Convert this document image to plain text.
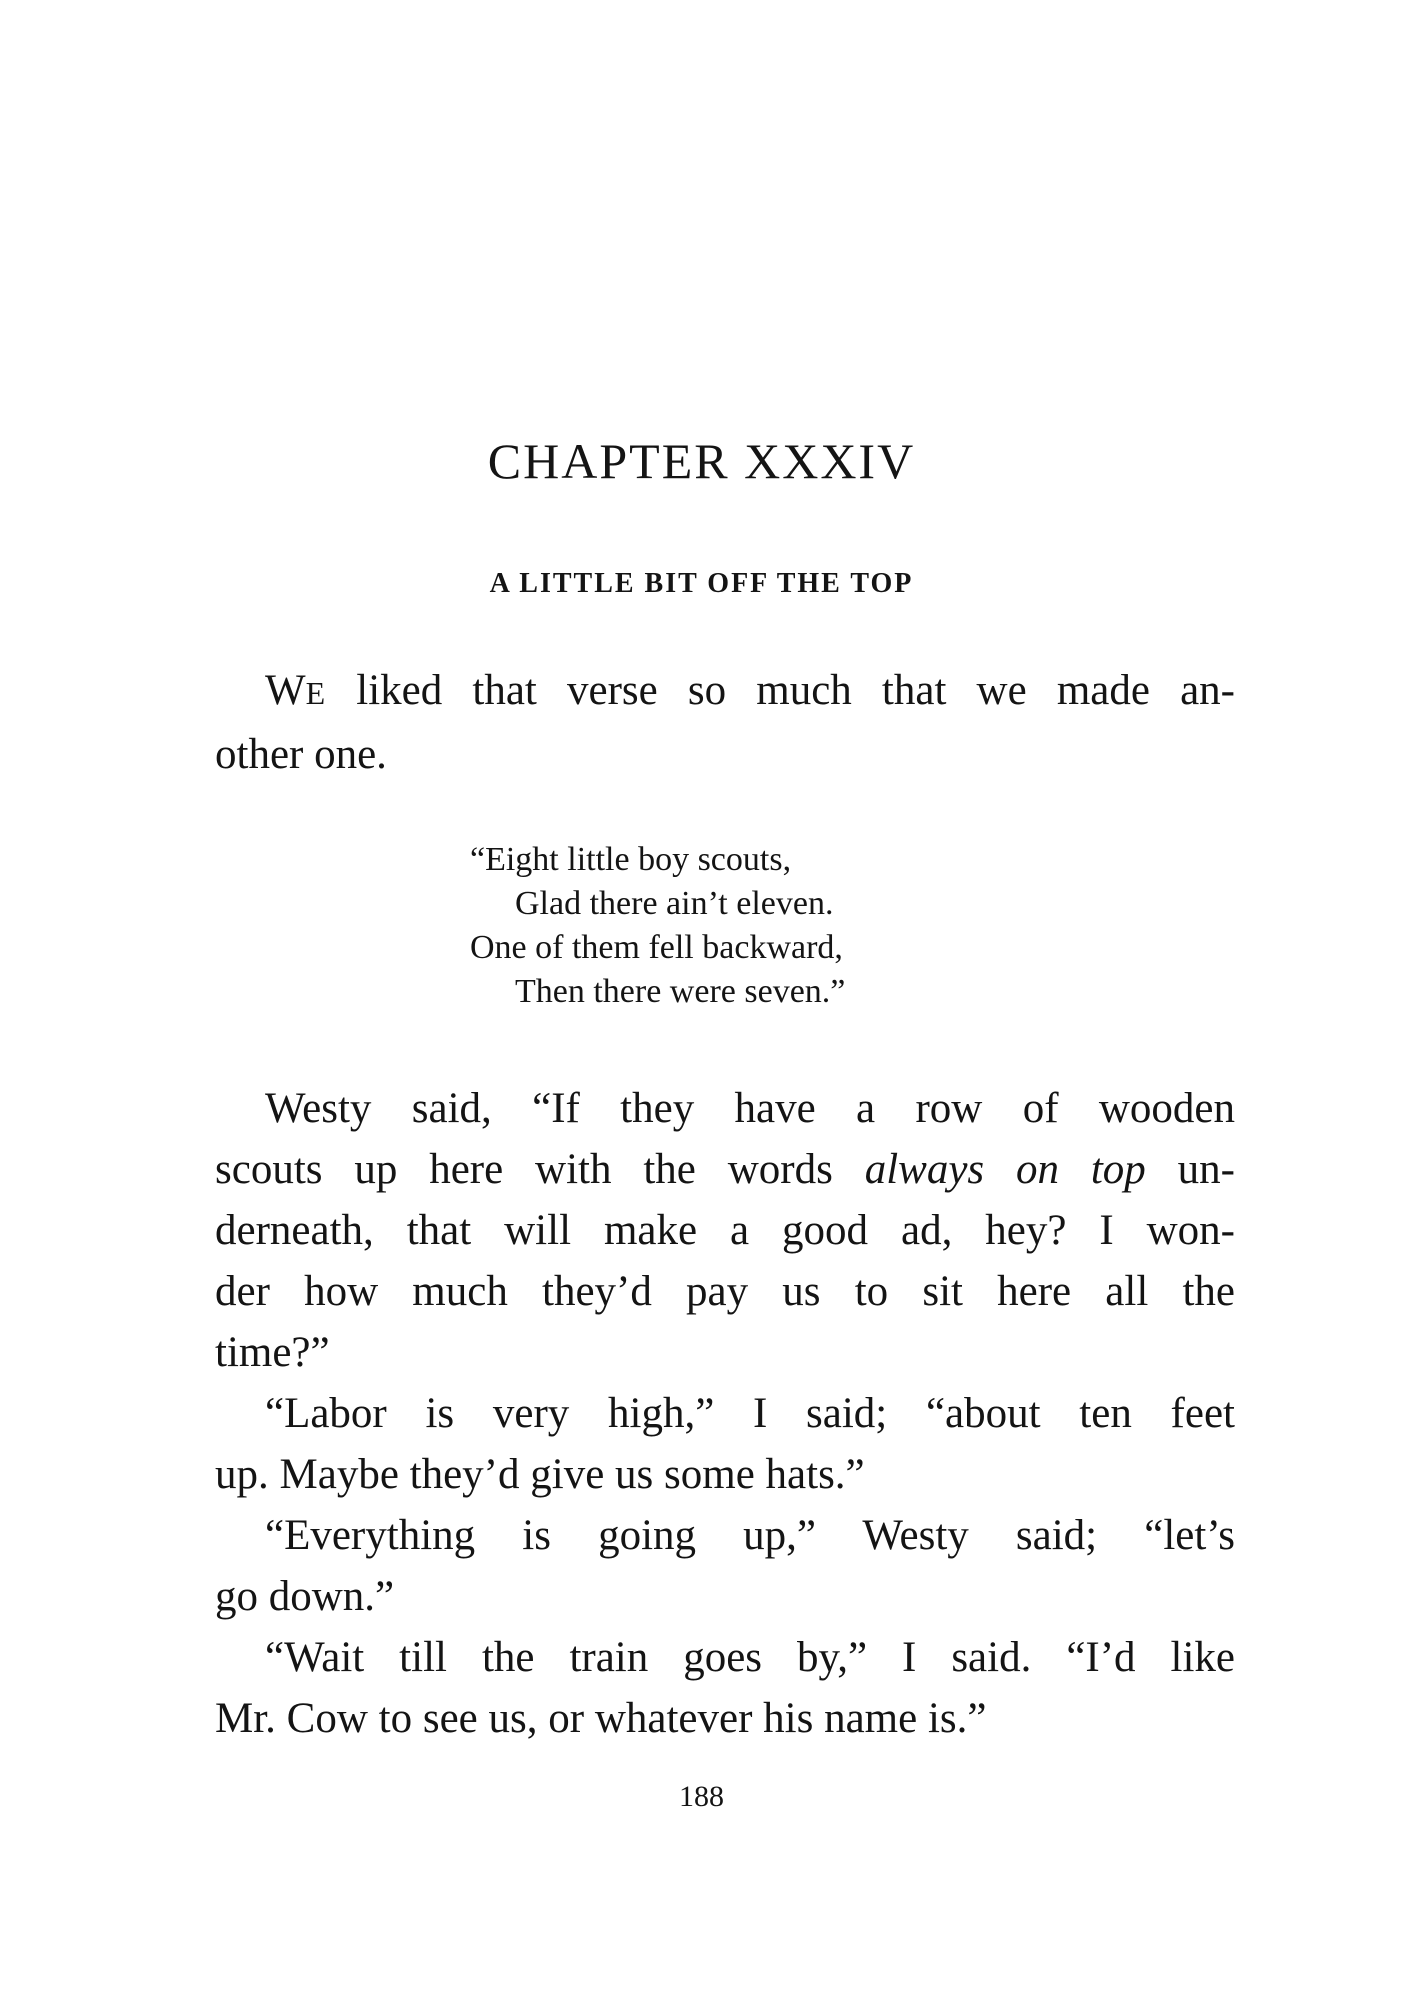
CHAPTER XXXIV
A LITTLE BIT OFF THE TOP

WE liked that verse so much that we made an-
other one.

“Eight little boy scouts,
Glad there ain’t eleven.
One of them fell backward,
Then there were seven.”

Westy said, “If they have a row of wooden
scouts up here with the words always on top un-
derneath, that will make a good ad, hey? I won-
der how much they’d pay us to sit here all the
time?”

“Labor is very high,” I said; “about ten feet
up. Maybe they’d give us some hats.”

“Everything is going up,” Westy said; “let’s
go down.”

“Wait till the train goes by,” I said. “I’d like
Mr. Cow to see us, or whatever his name is.”

188
